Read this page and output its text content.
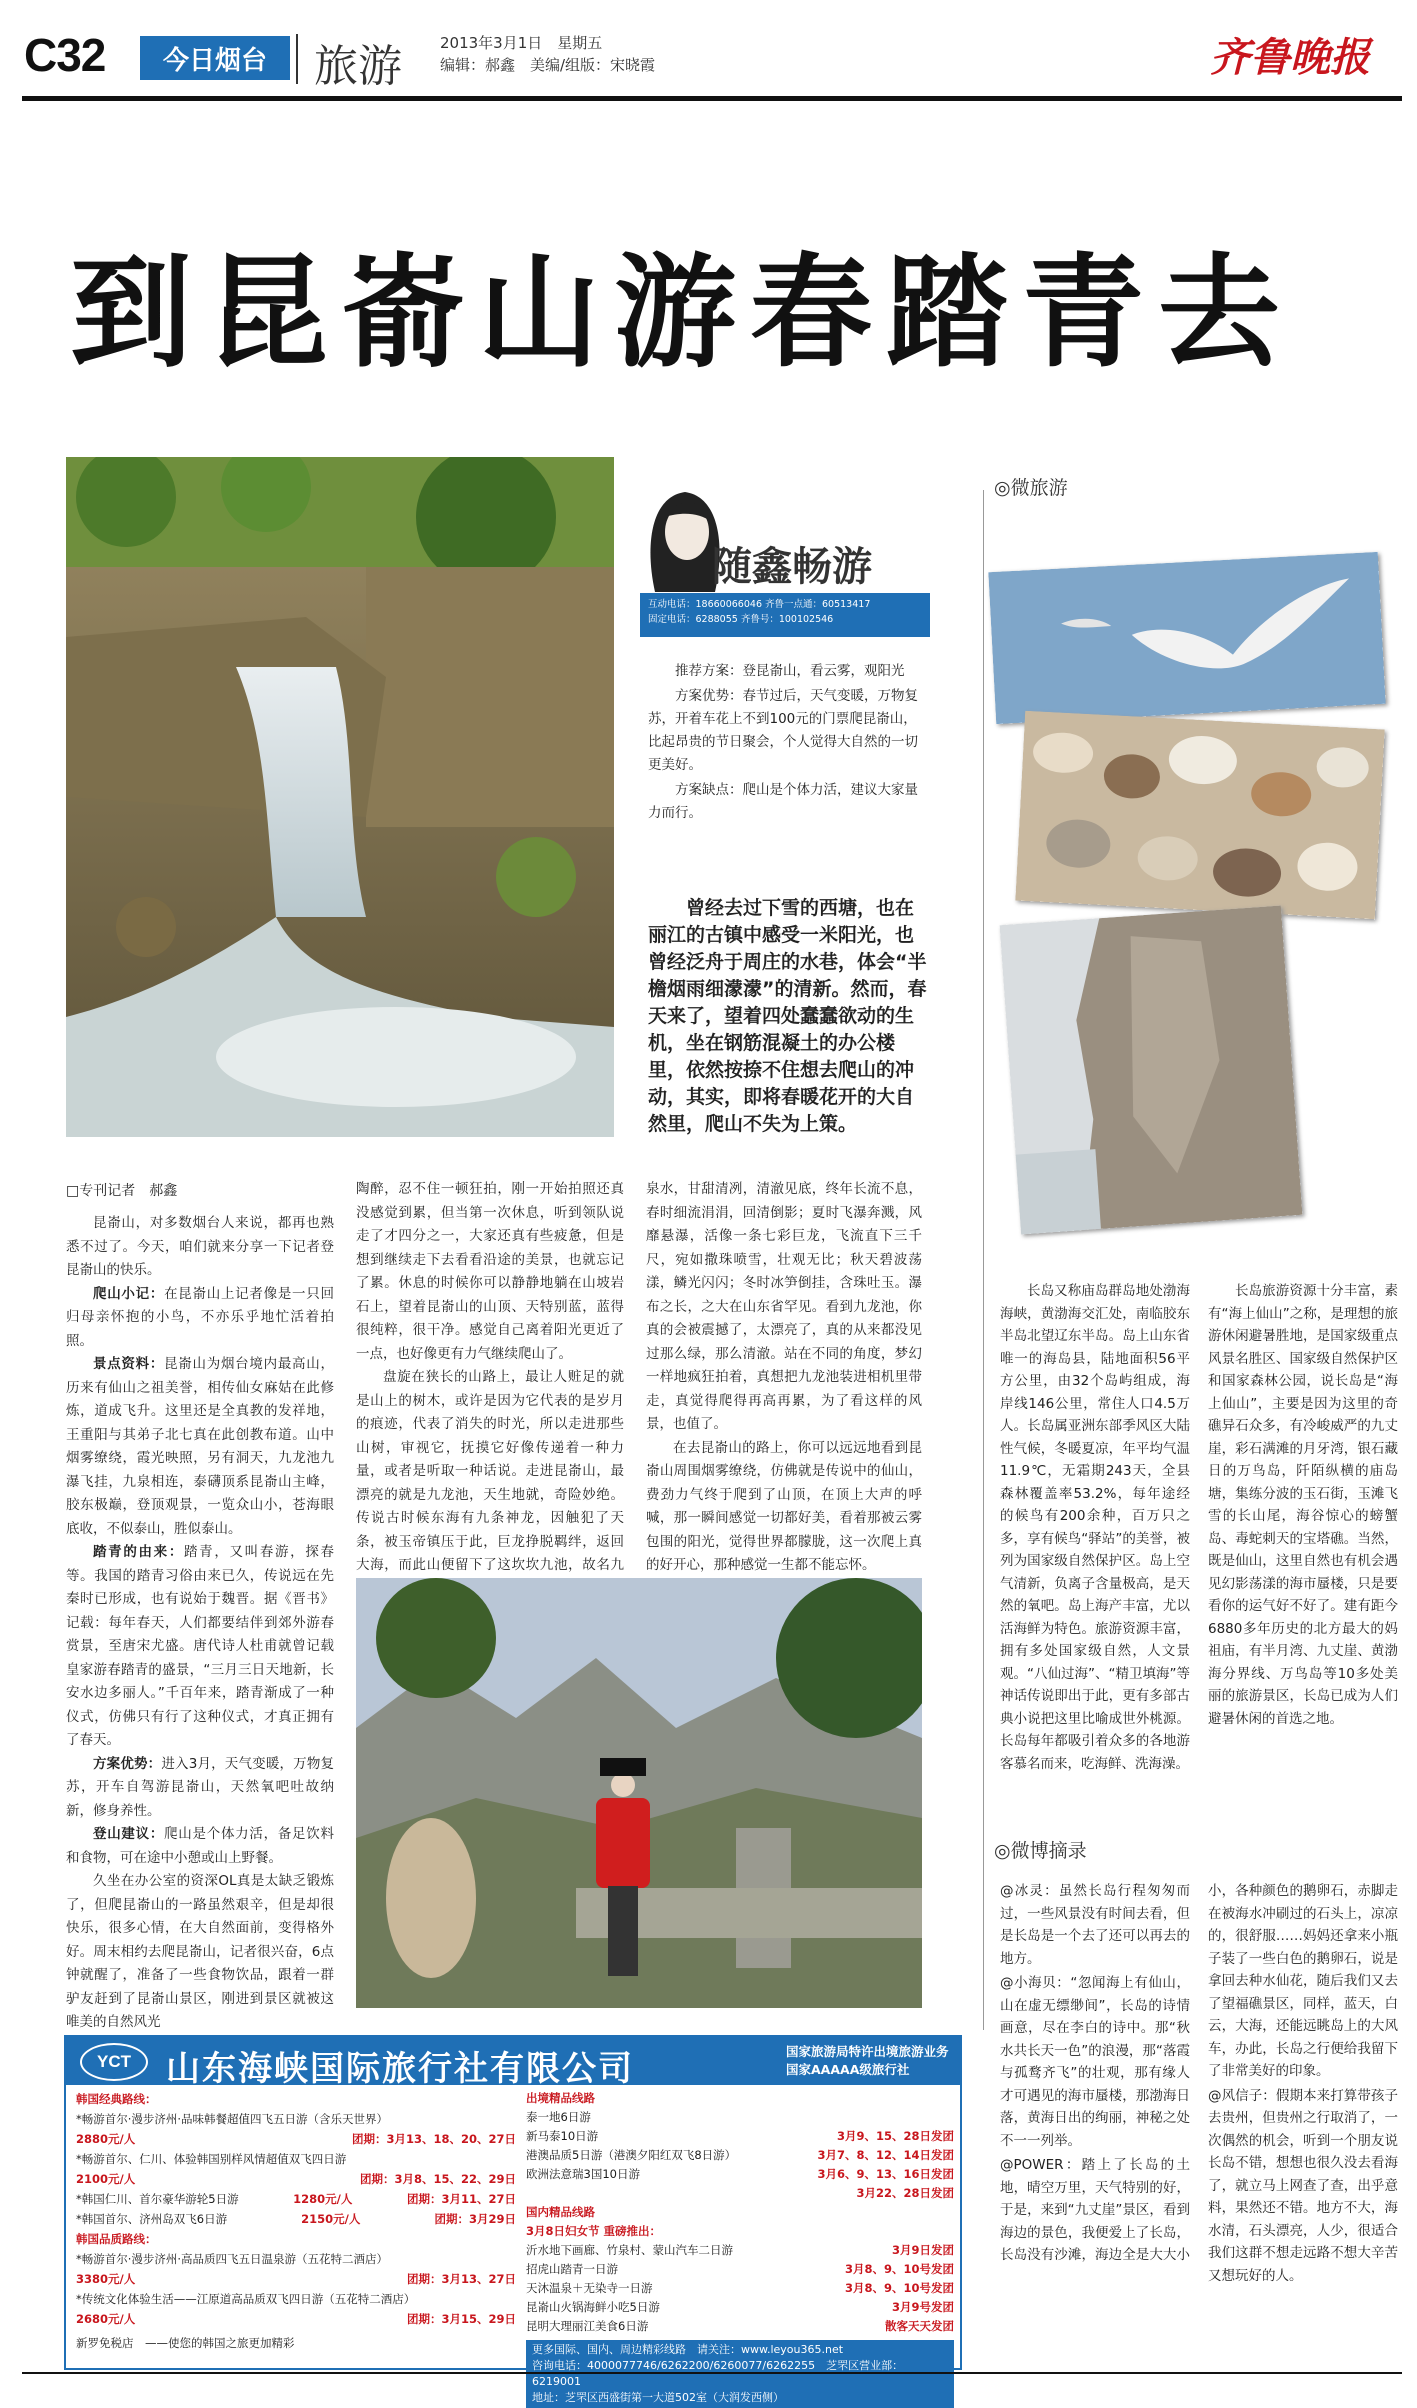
C32	今日烟台	旅游	2013年3月1日　星期五
编辑：郝鑫　美编/组版：宋晓霞	齐鲁晚报
到昆嵛山游春踏青去
随鑫畅游
互动电话：18660066046 齐鲁一点通：60513417
固定电话：6288055 齐鲁号：100102546

推荐方案：登昆嵛山，看云雾，观阳光

方案优势：春节过后，天气变暖，万物复苏，开着车花上不到100元的门票爬昆嵛山，比起昂贵的节日聚会，个人觉得大自然的一切更美好。

方案缺点：爬山是个体力活，建议大家量力而行。

曾经去过下雪的西塘，也在丽江的古镇中感受一米阳光，也曾经泛舟于周庄的水巷，体会“半檐烟雨细濛濛”的清新。然而，春天来了，望着四处蠢蠢欲动的生机，坐在钢筋混凝土的办公楼里，依然按捺不住想去爬山的冲动，其实，即将春暖花开的大自然里，爬山不失为上策。
□专刊记者　郝鑫

昆嵛山，对多数烟台人来说，都再也熟悉不过了。今天，咱们就来分享一下记者登昆嵛山的快乐。

爬山小记：在昆嵛山上记者像是一只回归母亲怀抱的小鸟，不亦乐乎地忙活着拍照。

景点资料：昆嵛山为烟台境内最高山，历来有仙山之祖美誉，相传仙女麻姑在此修炼，道成飞升。这里还是全真教的发祥地，王重阳与其弟子北七真在此创教布道。山中烟雾缭绕，霞光映照，另有洞天，九龙池九瀑飞挂，九泉相连，泰礴顶系昆嵛山主峰，胶东极巅，登顶观景，一览众山小，苍海眼底收，不似泰山，胜似泰山。

踏青的由来：踏青，又叫春游，探春等。我国的踏青习俗由来已久，传说远在先秦时已形成，也有说始于魏晋。据《晋书》记载：每年春天，人们都要结伴到郊外游春赏景，至唐宋尤盛。唐代诗人杜甫就曾记载皇家游春踏青的盛景，“三月三日天地新，长安水边多丽人。”千百年来，踏青渐成了一种仪式，仿佛只有行了这种仪式，才真正拥有了春天。

方案优势：进入3月，天气变暖，万物复苏，开车自驾游昆嵛山，天然氧吧吐故纳新，修身养性。

登山建议：爬山是个体力活，备足饮料和食物，可在途中小憩或山上野餐。

久坐在办公室的资深OL真是太缺乏锻炼了，但爬昆嵛山的一路虽然艰辛，但是却很快乐，很多心情，在大自然面前，变得格外好。周末相约去爬昆嵛山，记者很兴奋，6点钟就醒了，准备了一些食物饮品，跟着一群驴友赶到了昆嵛山景区，刚进到景区就被这唯美的自然风光

陶醉，忍不住一顿狂拍，刚一开始拍照还真没感觉到累，但当第一次休息，听到领队说走了才四分之一，大家还真有些疲惫，但是想到继续走下去看看沿途的美景，也就忘记了累。休息的时候你可以静静地躺在山坡岩石上，望着昆嵛山的山顶、天特别蓝，蓝得很纯粹，很干净。感觉自己离着阳光更近了一点，也好像更有力气继续爬山了。

盘旋在狭长的山路上，最让人赃足的就是山上的树木，或许是因为它代表的是岁月的痕迹，代表了消失的时光，所以走进那些山树，审视它，抚摸它好像传递着一种力量，或者是听取一种话说。走进昆嵛山，最漂亮的就是九龙池，天生地就，奇险妙绝。传说古时候东海有九条神龙，因触犯了天条，被玉帝镇压于此，巨龙挣脱羁绊，返回大海，而此山便留下了这坎坎九池，故名九

泉水，甘甜清冽，清澈见底，终年长流不息，春时细流涓涓，回清倒影；夏时飞瀑奔溅，风靡悬瀑，活像一条七彩巨龙，飞流直下三千尺，宛如撒珠喷雪，壮观无比；秋天碧波荡漾，鳞光闪闪；冬时冰笋倒挂，含珠吐玉。瀑布之长，之大在山东省罕见。看到九龙池，你真的会被震撼了，太漂亮了，真的从来都没见过那么绿，那么清澈。站在不同的角度，梦幻一样地疯狂拍着，真想把九龙池装进相机里带走，真觉得爬得再高再累，为了看这样的风景，也值了。

在去昆嵛山的路上，你可以远远地看到昆嵛山周围烟雾缭绕，仿佛就是传说中的仙山，费劲力气终于爬到了山顶，在顶上大声的呼喊，那一瞬间感觉一切都好美，看着那被云雾包围的阳光，觉得世界都朦胧，这一次爬上真的好开心，那种感觉一生都不能忘怀。

◎微旅游

长岛又称庙岛群岛地处渤海海峡，黄渤海交汇处，南临胶东半岛北望辽东半岛。岛上山东省唯一的海岛县，陆地面积56平方公里，由32个岛屿组成，海岸线146公里，常住人口4.5万人。长岛属亚洲东部季风区大陆性气候，冬暖夏凉，年平均气温11.9℃，无霜期243天，全县森林覆盖率53.2%，每年途经的候鸟有200余种，百万只之多，享有候鸟“驿站”的美誉，被列为国家级自然保护区。岛上空气清新，负离子含量极高，是天然的氧吧。岛上海产丰富，尤以活海鲜为特色。旅游资源丰富，拥有多处国家级自然，人文景观。“八仙过海”、“精卫填海”等神话传说即出于此，更有多部古典小说把这里比喻成世外桃源。长岛每年都吸引着众多的各地游客慕名而来，吃海鲜、洗海澡。

长岛旅游资源十分丰富，素有“海上仙山”之称，是理想的旅游休闲避暑胜地，是国家级重点风景名胜区、国家级自然保护区和国家森林公园，说长岛是“海上仙山”，主要是因为这里的奇礁异石众多，有冷峻威严的九丈崖，彩石满滩的月牙湾，银石藏日的万鸟岛，阡陌纵横的庙岛塘，集练分波的玉石街，玉滩飞雪的长山尾，海谷惊心的螃蟹岛、毒蛇刺天的宝塔礁。当然，既是仙山，这里自然也有机会遇见幻影荡漾的海市蜃楼，只是要看你的运气好不好了。建有距今6880多年历史的北方最大的妈祖庙，有半月湾、九丈崖、黄渤海分界线、万鸟岛等10多处美丽的旅游景区，长岛已成为人们避暑休闲的首选之地。

◎微博摘录

@冰灵：虽然长岛行程匆匆而过，一些风景没有时间去看，但是长岛是一个去了还可以再去的地方。

@小海贝：“忽闻海上有仙山，山在虚无缥缈间”，长岛的诗情画意，尽在李白的诗中。那“秋水共长天一色”的浪漫，那“落霞与孤鹜齐飞”的壮观，那有缘人才可遇见的海市蜃楼，那渤海日落，黄海日出的绚丽，神秘之处不一一列举。

@POWER：踏上了长岛的土地，晴空万里，天气特别的好，于是，来到“九丈崖”景区，看到海边的景色，我便爱上了长岛，长岛没有沙滩，海边全是大大小小，各种颜色的鹅卵石，赤脚走在被海水冲刷过的石头上，凉凉的，很舒服……妈妈还拿来小瓶子装了一些白色的鹅卵石，说是拿回去种水仙花，随后我们又去了望福礁景区，同样，蓝天，白云，大海，还能远眺岛上的大风车，办此，长岛之行便给我留下了非常美好的印象。

@风信子：假期本来打算带孩子去贵州，但贵州之行取消了，一次偶然的机会，听到一个朋友说长岛不错，想想也很久没去看海了，就立马上网查了查，出乎意料，果然还不错。地方不大，海水清，石头漂亮，人少，很适合我们这群不想走远路不想大辛苦又想玩好的人。

YCT	山东海峡国际旅行社有限公司	国家旅游局特许出境旅游业务
国家AAAAA级旅行社
韩国经典路线：
*畅游首尔·漫步济州·品味韩餐超值四飞五日游（含乐天世界）
2880元/人	团期：3月13、18、20、27日
*畅游首尔、仁川、体验韩国别样风情超值双飞四日游
2100元/人	团期：3月8、15、22、29日
*韩国仁川、首尔豪华游轮5日游	1280元/人	团期：3月11、27日
*韩国首尔、济州岛双飞6日游	2150元/人	团期：3月29日
韩国品质路线：
*畅游首尔·漫步济州·高品质四飞五日温泉游（五花特二酒店）
3380元/人	团期：3月13、27日
*传统文化体验生活——江原道高品质双飞四日游（五花特二酒店）
2680元/人	团期：3月15、29日
新罗免税店　——使您的韩国之旅更加精彩
出境精品线路
泰一地6日游
新马泰10日游	3月9、15、28日发团
港澳品质5日游（港澳夕阳红双飞8日游）	3月7、8、12、14日发团
欧洲法意瑞3国10日游	3月6、9、13、16日发团
3月22、28日发团
国内精品线路
3月8日妇女节 重磅推出：
沂水地下画廊、竹泉村、蒙山汽车二日游	3月9日发团
招虎山踏青一日游	3月8、9、10号发团
天沐温泉＋无染寺一日游	3月8、9、10号发团
昆嵛山火锅海鲜小吃5日游	3月9号发团
昆明大理丽江美食6日游	散客天天发团
更多国际、国内、周边精彩线路　请关注：www.leyou365.net
咨询电话：4000077746/6262200/6260077/6262255　芝罘区营业部：6219001
地址：芝罘区西盛街第一大道502室（大润发西侧）
